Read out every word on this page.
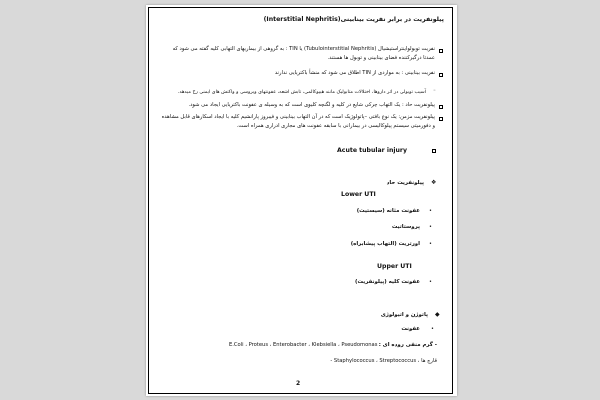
پیلونفریت در برابر نفریت بینابینی(Interstitial Nephritis)
نفریت توبولواینتراستیشیال (Tubulointerstitial Nephritis) یا TIN : به گروهی از بیماریهای التهابی کلیه گفته می شود که
عمدتا درگیرکننده فضای بینابینی و توبول ها هستند.
نفریت بینابینی : به مواردی از TIN اطلاق می شود که منشأ باکتریایی ندارند
◦
آسیب توبولی در اثر داروها، اختلالات متابولیک مانند هیپوکالمی، تابش اشعه، عفونتهای ویروسی و واکنش های ایمنی رخ میدهد.
پیلونفریت حاد : یک التهاب چرکی شایع در کلیه و لگنچه کلیوی است که به وسیله ی عفونت باکتریایی ایجاد می شود.
پیلونفریت مزمن: یک نوع بافتی –پاتولوژیک است که در آن التهاب بینابینی و فیبروز پارانشیم کلیه با ایجاد اسکارهای قابل مشاهده
و دفورمیتی سیستم پیلوکالیسی در بیمارانی با سابقه عفونت های مجاری ادراری همراه است.
Acute tubular injury
❖
پیلونفریت حاد
Lower UTI
•
عفونت مثانه (سیستیت)
•
پروستاتیت
•
اورتریت (التهاب پیشابراه)
Upper UTI
•
عفونت کلیه (پیلونفریت)
◆
پاتوژن و اتیولوژی
•
عفونت
- گرم منفی روده ای :
E.Coli ، Proteus ، Enterobacter ، Klebsiella ، Pseudomonas
قارچ ها ، Staphylococcus ، Streptococcus -
2
